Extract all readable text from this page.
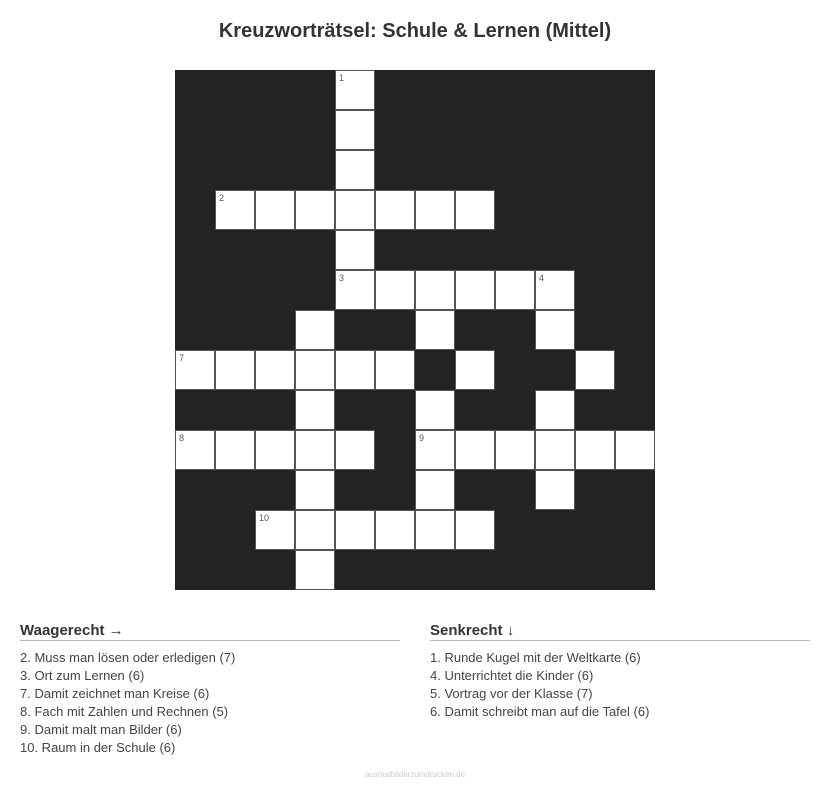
Kreuzworträtsel: Schule & Lernen (Mittel)
1
2
3	4
7
8	9
10
Waagerecht →
2. Muss man lösen oder erledigen (7)
3. Ort zum Lernen (6)
7. Damit zeichnet man Kreise (6)
8. Fach mit Zahlen und Rechnen (5)
9. Damit malt man Bilder (6)
10. Raum in der Schule (6)
Senkrecht ↓
1. Runde Kugel mit der Weltkarte (6)
4. Unterrichtet die Kinder (6)
5. Vortrag vor der Klasse (7)
6. Damit schreibt man auf die Tafel (6)
ausmalbilderzumdrucken.de
